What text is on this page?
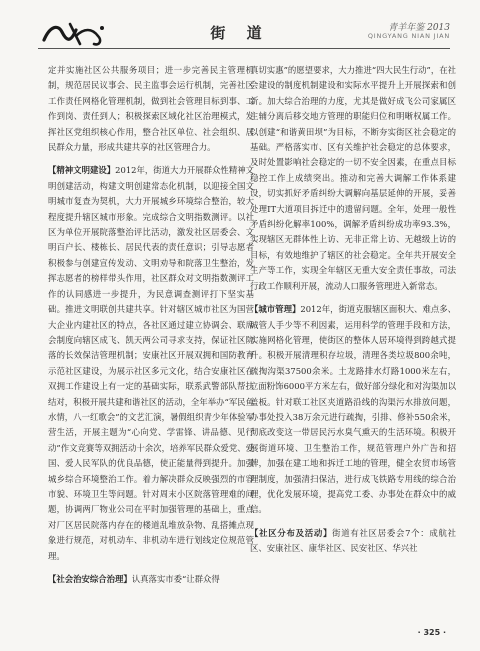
街 道	青羊年鉴 2013
QINGYANG NIAN JIAN

定并实施社区公共服务项目；进一步完善民主管理机制，规范居民议事会、民主监事会运行机制，完善社区工作责任网格化管理机制，做到社会管理目标到事、工作到岗、责任到人；积极探索区域化社区治理模式，发挥社区党组织核心作用，整合社区单位、社会组织、居民群众力量，形成共建共享的社区管理合力。

【精神文明建设】2012年，街道大力开展群众性精神文明创建活动，构建文明创建常态化机制，以迎接全国文明城市复查为契机，大力开展城乡环境综合整治，较大程度提升辖区城市形象。完成综合文明指数测评。以社区为单位开展院落整治评比活动，激发社区居委会、文明百户长、楼栋长、居民代表的责任意识；引导志愿者积极参与创建宣传发动、文明劝导和院落卫生整治，发挥志愿者的榜样带头作用，社区群众对文明指数测评工作的认同感进一步提升，为民意调查测评打下坚实基础。推进文明联创共建共享。针对辖区城市社区为国营大企业内建社区的特点，各社区通过建立协调会、联席会制度向辖区成飞、凯天两公司寻求支持，保证社区院落的长效保洁管理机制；安康社区开展双拥和国防教育示范社区建设，为展示社区多元文化，结合安康社区在双拥工作建设上有一定的基础实际，联系武警部队帮扶结对，积极开展共建和谐社区的活动，全年举办“军民鱼水情，八一红歌会”的文艺汇演，暑假组织青少年体验军营生活，开展主题为“心向党、学雷锋、讲品德、见行动”作文竞赛等双拥活动十余次，培养军民群众爱党、爱国、爱人民军队的优良品德，使正能量得到提升。加强城乡综合环境整治工作。着力解决群众反映强烈的市容市貌、环境卫生等问题。针对周末小区院落管理难的问题，协调两厂物业公司在平时加强管理的基础上，重点对厂区居民院落内存在的楼道乱堆放杂物、乱搭摊点现象进行规范，对机动车、非机动车进行划线定位规范管理。

【社会治安综合治理】认真落实市委“让群众得

真切实惠”的愿望要求，大力推进“四大民生行动”，在社会建设的制度机制建设和实际水平提升上开展探索和创新。加大综合治理的力度，尤其是做好成飞公司家属区主辅分离后移交地方管理的职能归位和明晰权属工作。以创建“和谐黄田坝”为目标，不断夯实街区社会稳定的基础。严格落实市、区有关维护社会稳定的总体要求，及时处置影响社会稳定的一切不安全因素，在重点目标稳控工作上成绩突出。推动和完善大调解工作体系建设，切实抓好矛盾纠纷大调解向基层延伸的开展，妥善处理IT大道项目拆迁中的遗留问题。全年，处理一般性矛盾纠纷化解率100%，调解矛盾纠纷成功率93.3%，实现辖区无群体性上访、无非正常上访、无越级上访的目标，有效地维护了辖区的社会稳定。全年共开展安全生产等工作，实现全年辖区无重大安全责任事故，司法行政工作顺利开展，流动人口服务管理进入新常态。

【城市管理】2012年，街道克服辖区面积大、难点多、城管人手少等不利因素，运用科学的管理手段和方法，实施网格化管理，使街区的整体人居环境得到跨越式提升。积极开展清理积存垃圾，清理各类垃圾800余吨，疏掏沟渠37500余米。土龙路排水灯路1000米左右，立面粉饰6000平方米左右，做好部分绿化和对沟渠加以盖板。针对联工社区夹道路沿线的沟渠污水排放问题，办事处投入38万余元进行疏掏，引排、修补550余米，彻底改变这一带居民污水臭气熏天的生活环境。积极开展街道环境、卫生整治工作，规范管理户外广告和招牌，加强在建工地和拆迁工地的管理，健全农贸市场管理制度，加强清扫保洁，进行成飞铁路专用线的综合治理，优化发展环境，提高党工委、办事处在群众中的威信。

【社区分布及活动】街道有社区居委会7个：成航社区、安康社区、康华社区、民安社区、华兴社

· 325 ·
